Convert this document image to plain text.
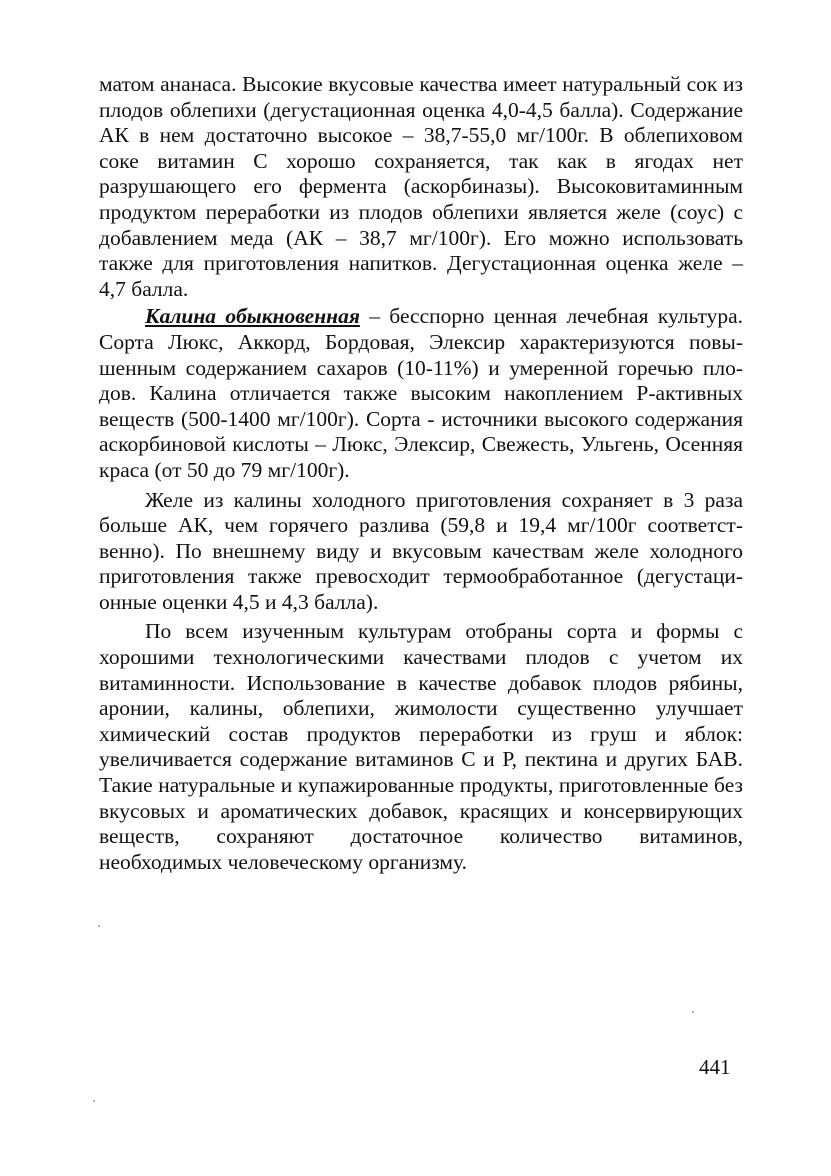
матом ананаса. Высокие вкусовые качества имеет натуральный сок из плодов облепихи (дегустационная оценка 4,0-4,5 балла). Содержание АК в нем достаточно высокое – 38,7-55,0 мг/100г. В облепиховом соке витамин С хорошо сохраняется, так как в ягодах нет разрушающего его фермента (аскорбиназы). Высоковитаминным продуктом переработки из плодов облепихи является желе (соус) с добавлением меда (АК – 38,7 мг/100г). Его можно использовать также для приготовления напитков. Дегустационная оценка желе – 4,7 балла.

Калина обыкновенная – бесспорно ценная лечебная культура. Сорта Люкс, Аккорд, Бордовая, Элексир характеризуются повышенным содержанием сахаров (10-11%) и умеренной горечью плодов. Калина отличается также высоким накоплением Р-активных веществ (500-1400 мг/100г). Сорта - источники высокого содержания аскорбиновой кислоты – Люкс, Элексир, Свежесть, Ульгень, Осенняя краса (от 50 до 79 мг/100г).

Желе из калины холодного приготовления сохраняет в 3 раза больше АК, чем горячего разлива (59,8 и 19,4 мг/100г соответственно). По внешнему виду и вкусовым качествам желе холодного приготовления также превосходит термообработанное (дегустационные оценки 4,5 и 4,3 балла).

По всем изученным культурам отобраны сорта и формы с хорошими технологическими качествами плодов с учетом их витаминности. Использование в качестве добавок плодов рябины, аронии, калины, облепихи, жимолости существенно улучшает химический состав продуктов переработки из груш и яблок: увеличивается содержание витаминов С и Р, пектина и других БАВ. Такие натуральные и купажированные продукты, приготовленные без вкусовых и ароматических добавок, красящих и консервирующих веществ, сохраняют достаточное количество витаминов, необходимых человеческому организму.

441
